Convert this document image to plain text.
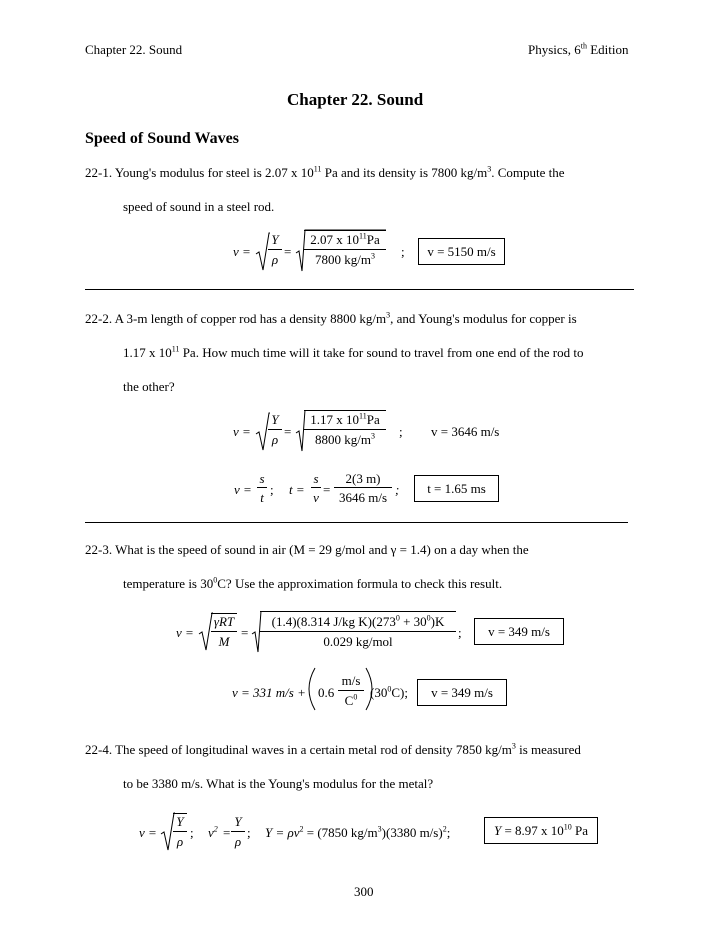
Chapter 22. Sound	Physics, 6th Edition
Chapter 22. Sound
Speed of Sound Waves
22-1. Young's modulus for steel is 2.07 x $10^{11}$ Pa and its density is 7800 $kg/m^3$. Compute the
speed of sound in a steel rod.
v =
Y
ρ
=
2.07 x $10^{11}Pa$
7800 $kg/m^3$	;	v = 5150 m/s
22-2. A 3-m length of copper rod has a density 8800 $kg/m^3$, and Young's modulus for copper is
1.17 x $10^{11}$ Pa. How much time will it take for sound to travel from one end of the rod to
the other?
v =
Y
ρ
=
1.17 x $10^{11}Pa$
8800 $kg/m^3$	; v = 3646 m/s
v =
s
t
; t =
s
v
=
2(3 m)
3646 m/s
;	t = 1.65 ms
22-3. What is the speed of sound in air (M = 29 g/mol and γ = 1.4) on a day when the
temperature is $30^0C$? Use the approximation formula to check this result.
v =
γRT
M
=
(1.4)(8.314 J/kg $K)(273^0 + 30^0)K$
0.029 kg/mol
;	v = 349 m/s
v = 331 m/s + 0.6
m/s
$C^0$ $(30^0C)$;	v = 349 m/s
22-4. The speed of longitudinal waves in a certain metal rod of density 7850 $kg/m^3$ is measured
to be 3380 m/s. What is the Young's modulus for the metal?
v =
Y
ρ
; $v^2$ =
Y
ρ
; $Y = \rho v^2 = (7850$ $kg/m^3)(3380$ m/s)$^2$;	Y = 8.97 x $10^{10}$ Pa
300
